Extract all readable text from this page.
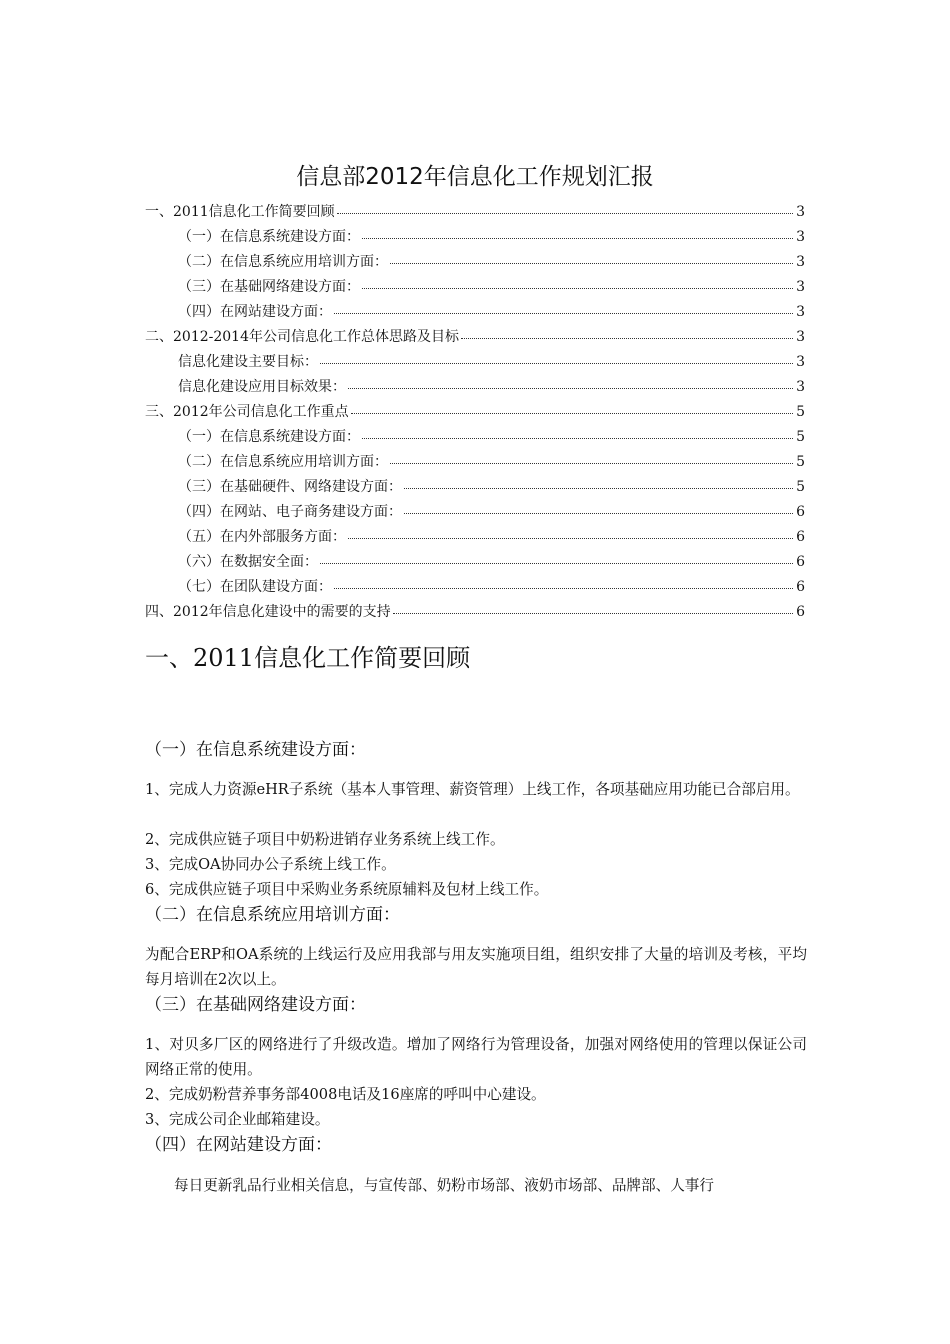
信息部2012年信息化工作规划汇报
一、2011信息化工作简要回顾	3
（一）在信息系统建设方面：	3
（二）在信息系统应用培训方面：	3
（三）在基础网络建设方面：	3
（四）在网站建设方面：	3
二、2012-2014年公司信息化工作总体思路及目标	3
信息化建设主要目标：	3
信息化建设应用目标效果：	3
三、2012年公司信息化工作重点	5
（一）在信息系统建设方面：	5
（二）在信息系统应用培训方面：	5
（三）在基础硬件、网络建设方面：	5
（四）在网站、电子商务建设方面：	6
（五）在内外部服务方面：	6
（六）在数据安全面：	6
（七）在团队建设方面：	6
四、2012年信息化建设中的需要的支持	6
一、2011信息化工作简要回顾
（一）在信息系统建设方面：
1、完成人力资源eHR子系统（基本人事管理、薪资管理）上线工作，各项基础应用功能已合部启用。
2、完成供应链子项目中奶粉进销存业务系统上线工作。
3、完成OA协同办公子系统上线工作。
6、完成供应链子项目中采购业务系统原辅料及包材上线工作。
（二）在信息系统应用培训方面：
为配合ERP和OA系统的上线运行及应用我部与用友实施项目组，组织安排了大量的培训及考核，平均每月培训在2次以上。
（三）在基础网络建设方面：
1、对贝多厂区的网络进行了升级改造。增加了网络行为管理设备，加强对网络使用的管理以保证公司网络正常的使用。
2、完成奶粉营养事务部4008电话及16座席的呼叫中心建设。
3、完成公司企业邮箱建设。
（四）在网站建设方面：
每日更新乳品行业相关信息，与宣传部、奶粉市场部、液奶市场部、品牌部、人事行
